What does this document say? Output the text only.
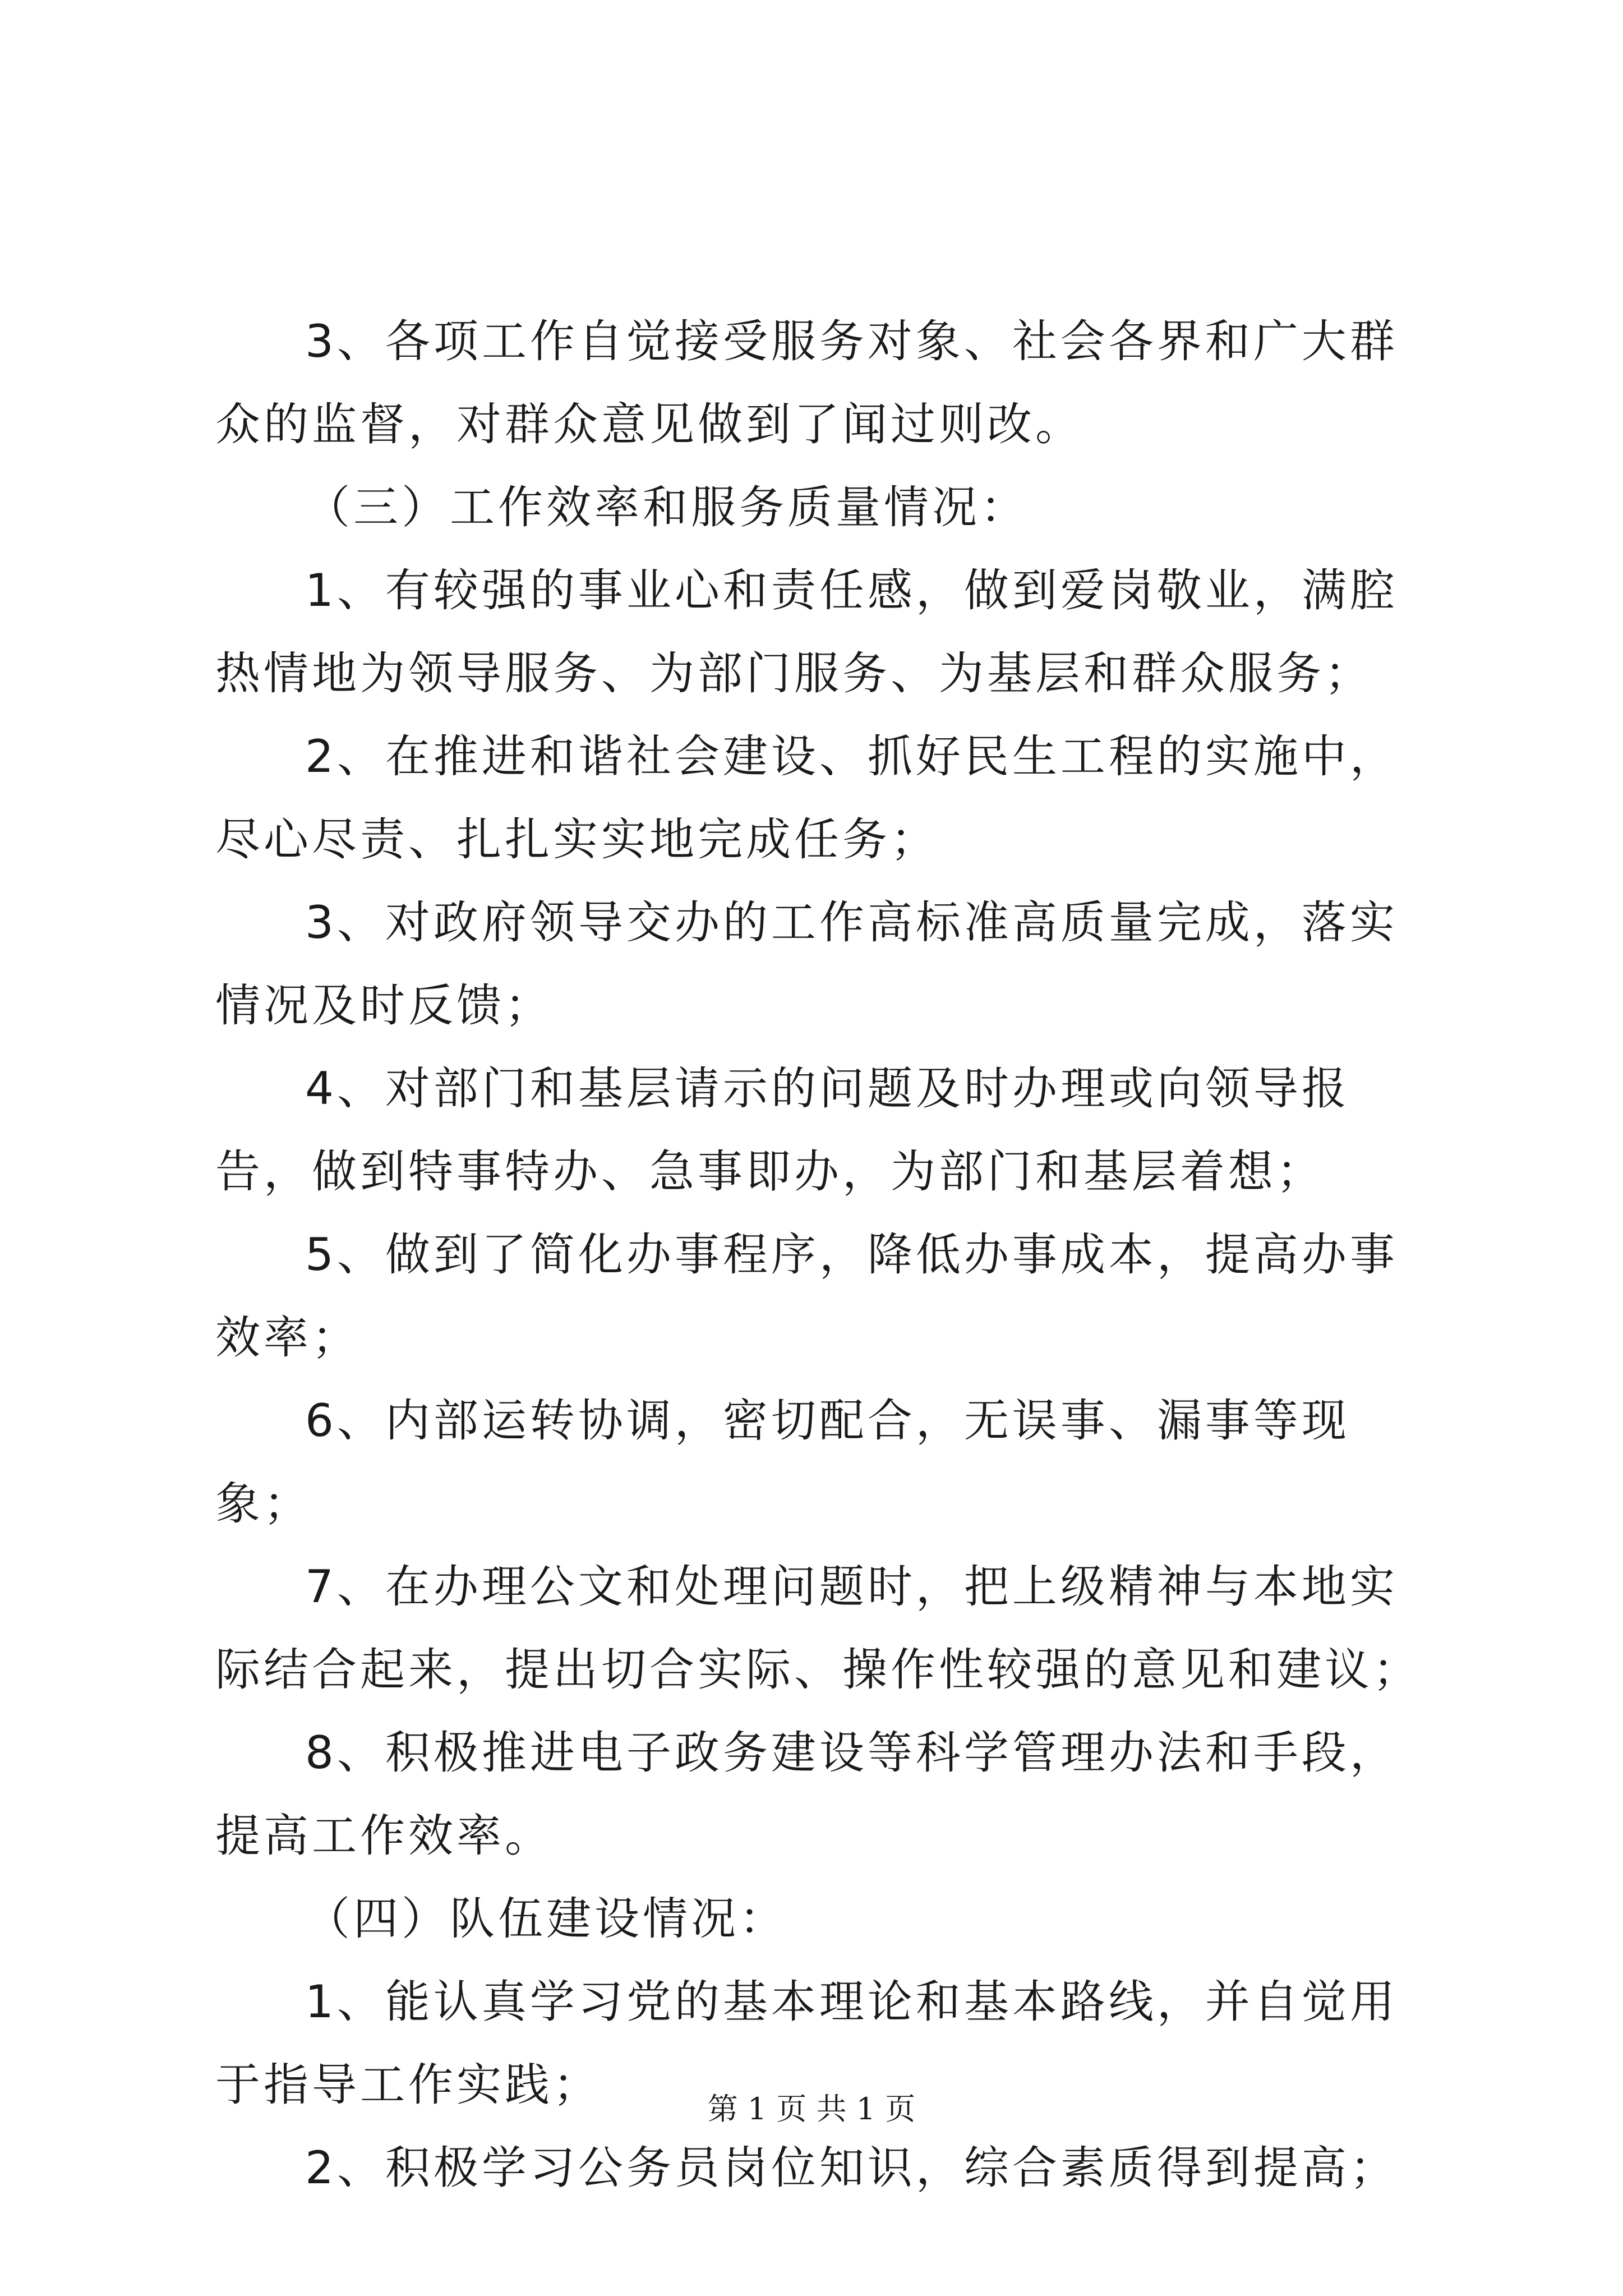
3、各项工作自觉接受服务对象、社会各界和广大群众的监督，对群众意见做到了闻过则改。

（三）工作效率和服务质量情况：

1、有较强的事业心和责任感，做到爱岗敬业，满腔热情地为领导服务、为部门服务、为基层和群众服务；

2、在推进和谐社会建设、抓好民生工程的实施中，尽心尽责、扎扎实实地完成任务；

3、对政府领导交办的工作高标准高质量完成，落实情况及时反馈；

4、对部门和基层请示的问题及时办理或向领导报告，做到特事特办、急事即办，为部门和基层着想；

5、做到了简化办事程序，降低办事成本，提高办事效率；

6、内部运转协调，密切配合，无误事、漏事等现象；

7、在办理公文和处理问题时，把上级精神与本地实际结合起来，提出切合实际、操作性较强的意见和建议；

8、积极推进电子政务建设等科学管理办法和手段，提高工作效率。

（四）队伍建设情况：

1、能认真学习党的基本理论和基本路线，并自觉用于指导工作实践；

2、积极学习公务员岗位知识，综合素质得到提高；

第 1 页 共 1 页
